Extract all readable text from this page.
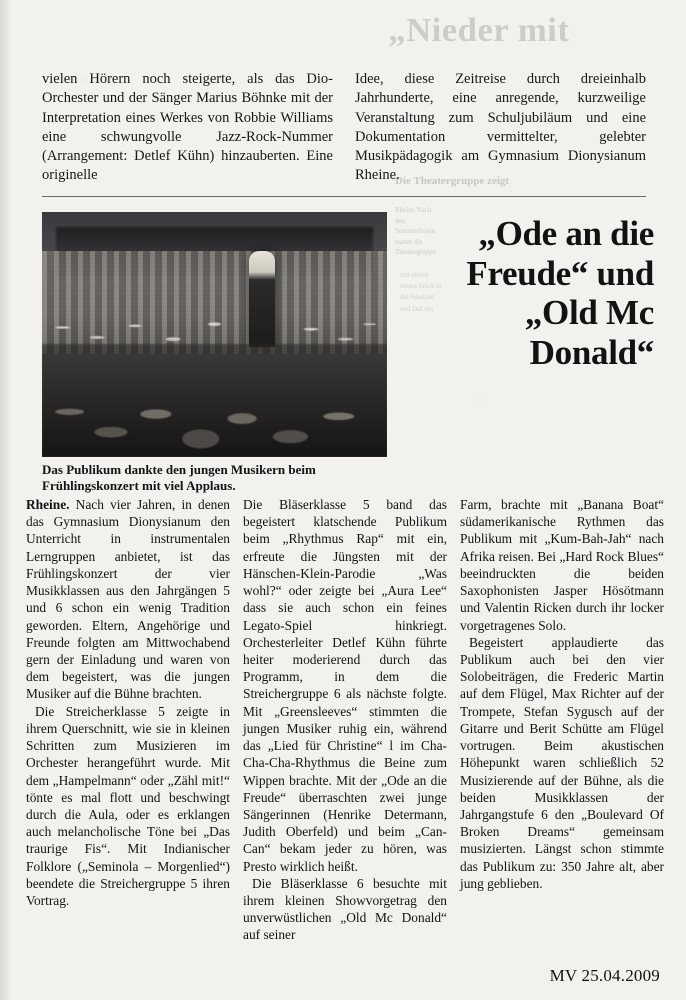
„Nieder mit
Die Theatergruppe zeigt
Rheine Nach den Sommerferien startet die Theatergruppe
mit einem neuen Stück in die Spielzeit und lädt ein
vielen Hörern noch steigerte, als das Dio-Orchester und der Sänger Marius Böhnke mit der Interpretation eines Werkes von Robbie Williams eine schwungvolle Jazz-Rock-Nummer (Arrangement: Detlef Kühn) hinzauberten. Eine originelle
Idee, diese Zeitreise durch dreieinhalb Jahrhunderte, eine anregende, kurzweilige Veranstaltung zum Schuljubiläum und eine Dokumentation vermittelter, gelebter Musikpädagogik am Gymnasium Dionysianum Rheine.
Das Publikum dankte den jungen Musikern beim Frühlingskonzert mit viel Applaus.
„Ode an die Freude“ und „Old Mc Donald“

Rheine. Nach vier Jahren, in denen das Gymnasium Dionysianum den Unterricht in instrumentalen Lerngruppen anbietet, ist das Frühlingskonzert der vier Musikklassen aus den Jahrgängen 5 und 6 schon ein wenig Tradition geworden. Eltern, Angehörige und Freunde folgten am Mittwochabend gern der Einladung und waren von dem begeistert, was die jungen Musiker auf die Bühne brachten.

Die Streicherklasse 5 zeigte in ihrem Querschnitt, wie sie in kleinen Schritten zum Musizieren im Orchester herangeführt wurde. Mit dem „Hampelmann“ oder „Zähl mit!“ tönte es mal flott und beschwingt durch die Aula, oder es erklangen auch melancholische Töne bei „Das traurige Fis“. Mit Indianischer Folklore („Seminola – Morgenlied“) beendete die Streichergruppe 5 ihren Vortrag.

Die Bläserklasse 5 band das begeistert klatschende Publikum beim „Rhythmus Rap“ mit ein, erfreute die Jüngsten mit der Hänschen-Klein-Parodie „Was wohl?“ oder zeigte bei „Aura Lee“ dass sie auch schon ein feines Legato-Spiel hinkriegt. Orchesterleiter Detlef Kühn führte heiter moderierend durch das Programm, in dem die Streichergruppe 6 als nächste folgte. Mit „Greensleeves“ stimmten die jungen Musiker ruhig ein, während das „Lied für Christine“ l im Cha-Cha-Cha-Rhythmus die Beine zum Wippen brachte. Mit der „Ode an die Freude“ überraschten zwei junge Sängerinnen (Henrike Determann, Judith Oberfeld) und beim „Can-Can“ bekam jeder zu hören, was Presto wirklich heißt.

Die Bläserklasse 6 besuchte mit ihrem kleinen Showvorgetrag den unverwüstlichen „Old Mc Donald“ auf seiner

Farm, brachte mit „Banana Boat“ südamerikanische Rythmen das Publikum mit „Kum-Bah-Jah“ nach Afrika reisen. Bei „Hard Rock Blues“ beeindruckten die beiden Saxophonisten Jasper Hösötmann und Valentin Ricken durch ihr locker vorgetragenes Solo.

Begeistert applaudierte das Publikum auch bei den vier Solobeiträgen, die Frederic Martin auf dem Flügel, Max Richter auf der Trompete, Stefan Sygusch auf der Gitarre und Berit Schütte am Flügel vortrugen. Beim akustischen Höhepunkt waren schließlich 52 Musizierende auf der Bühne, als die beiden Musikklassen der Jahrgangstufe 6 den „Boulevard Of Broken Dreams“ gemeinsam musizierten. Längst schon stimmte das Publikum zu: 350 Jahre alt, aber jung geblieben.

MV 25.04.2009
